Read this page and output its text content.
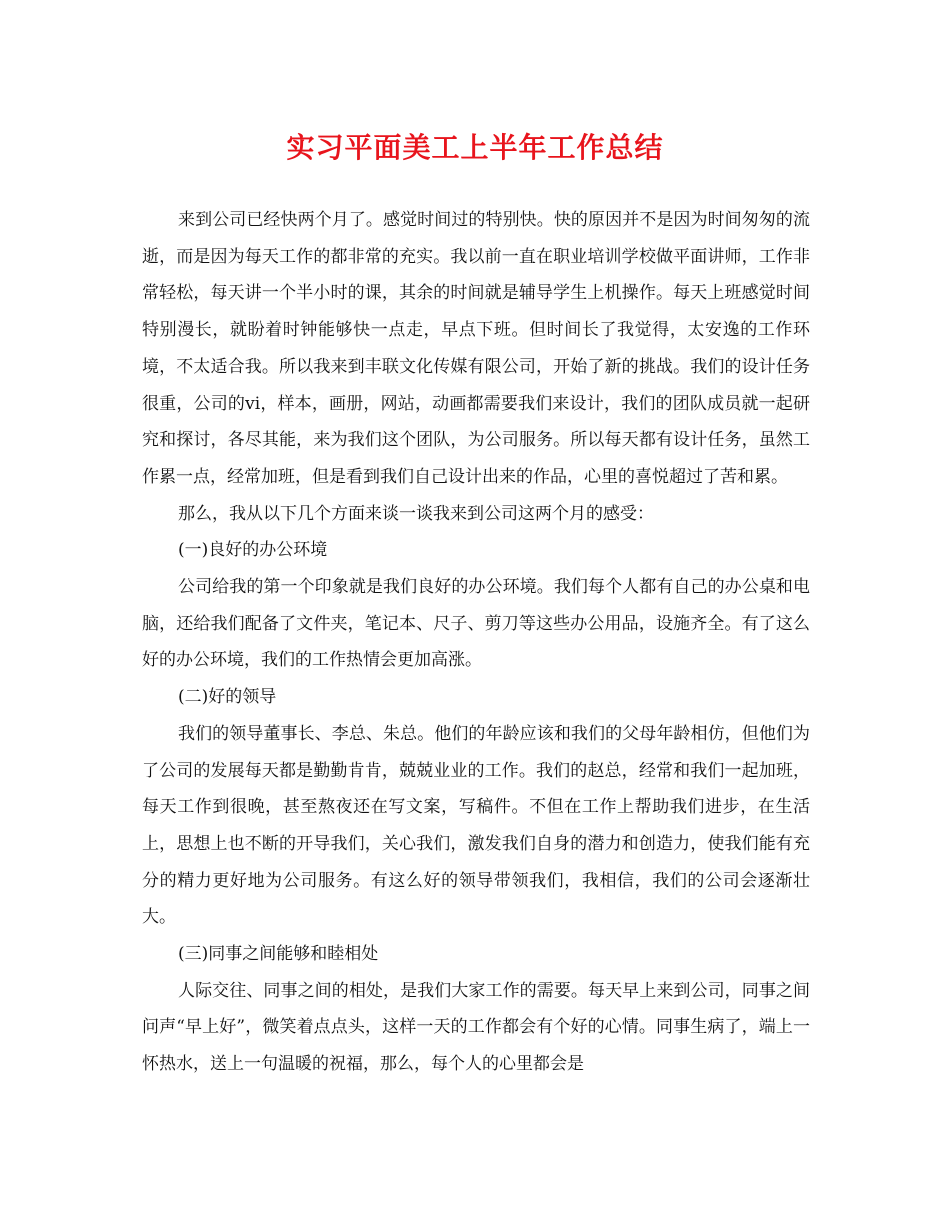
实习平面美工上半年工作总结

来到公司已经快两个月了。感觉时间过的特别快。快的原因并不是因为时间匆匆的流逝，而是因为每天工作的都非常的充实。我以前一直在职业培训学校做平面讲师，工作非常轻松，每天讲一个半小时的课，其余的时间就是辅导学生上机操作。每天上班感觉时间特别漫长，就盼着时钟能够快一点走，早点下班。但时间长了我觉得，太安逸的工作环境，不太适合我。所以我来到丰联文化传媒有限公司，开始了新的挑战。我们的设计任务很重，公司的vi，样本，画册，网站，动画都需要我们来设计，我们的团队成员就一起研究和探讨，各尽其能，来为我们这个团队，为公司服务。所以每天都有设计任务，虽然工作累一点，经常加班，但是看到我们自己设计出来的作品，心里的喜悦超过了苦和累。

那么，我从以下几个方面来谈一谈我来到公司这两个月的感受：

(一)良好的办公环境

公司给我的第一个印象就是我们良好的办公环境。我们每个人都有自己的办公桌和电脑，还给我们配备了文件夹，笔记本、尺子、剪刀等这些办公用品，设施齐全。有了这么好的办公环境，我们的工作热情会更加高涨。

(二)好的领导

我们的领导董事长、李总、朱总。他们的年龄应该和我们的父母年龄相仿，但他们为了公司的发展每天都是勤勤肯肯，兢兢业业的工作。我们的赵总，经常和我们一起加班，每天工作到很晚，甚至熬夜还在写文案，写稿件。不但在工作上帮助我们进步，在生活上，思想上也不断的开导我们，关心我们，激发我们自身的潜力和创造力，使我们能有充分的精力更好地为公司服务。有这么好的领导带领我们，我相信，我们的公司会逐渐壮大。

(三)同事之间能够和睦相处

人际交往、同事之间的相处，是我们大家工作的需要。每天早上来到公司，同事之间问声“早上好”，微笑着点点头，这样一天的工作都会有个好的心情。同事生病了，端上一怀热水，送上一句温暖的祝福，那么，每个人的心里都会是
